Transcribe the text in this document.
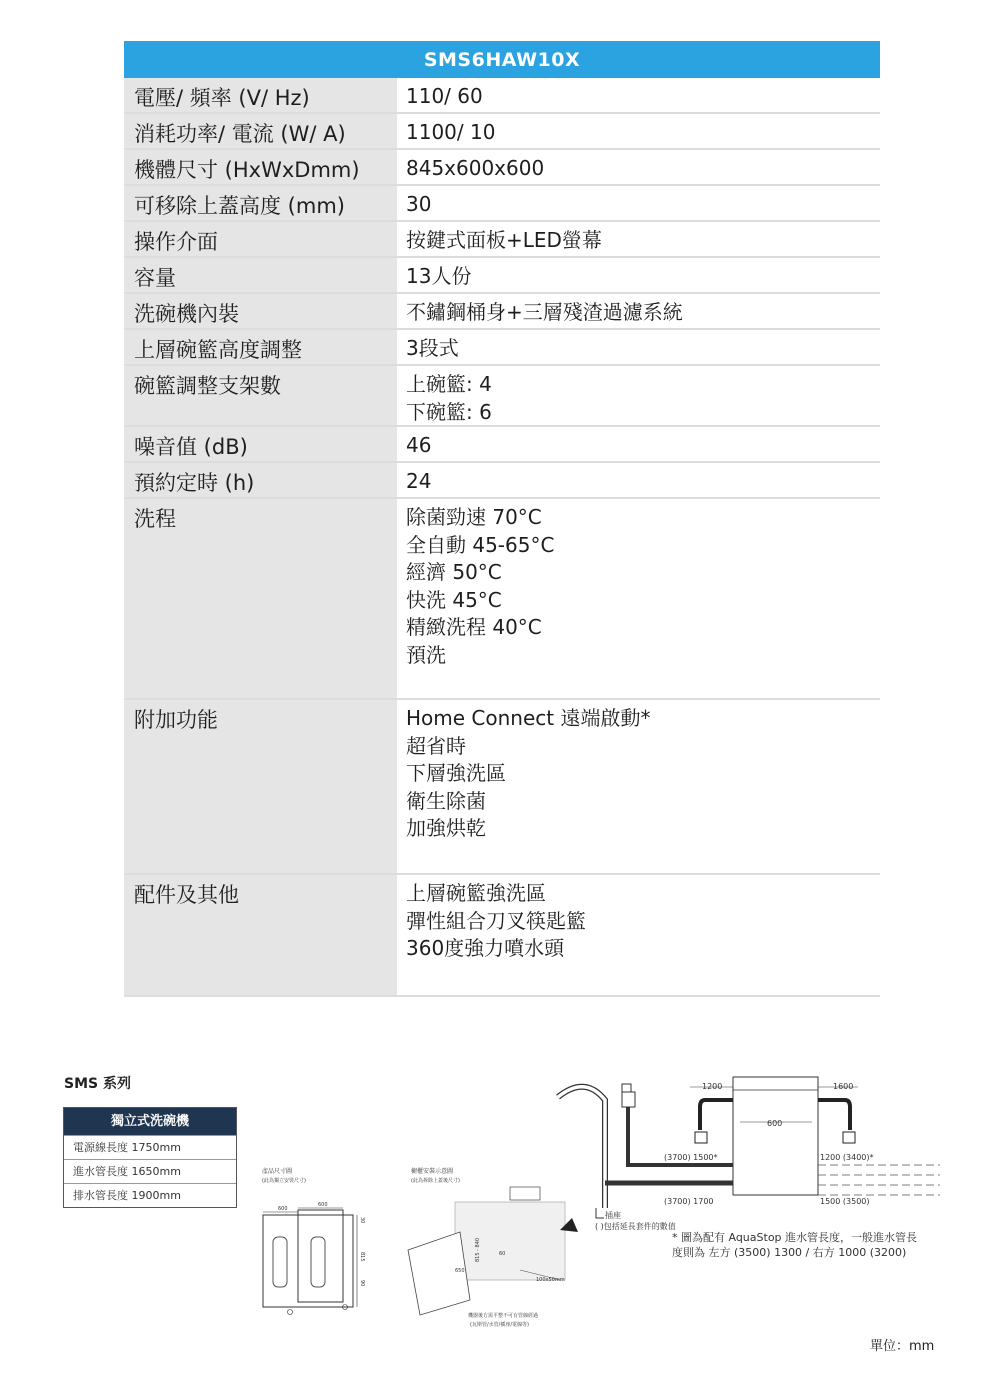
SMS6HAW10X
電壓/ 頻率 (V/ Hz)	110/ 60
消耗功率/ 電流 (W/ A)	1100/ 10
機體尺寸 (HxWxDmm)	845x600x600
可移除上蓋高度 (mm)	30
操作介面	按鍵式面板+LED螢幕
容量	13人份
洗碗機內裝	不鏽鋼桶身+三層殘渣過濾系統
上層碗籃高度調整	3段式
碗籃調整支架數	上碗籃: 4
下碗籃: 6
噪音值 (dB)	46
預約定時 (h)	24
洗程	除菌勁速 70°C
全自動 45-65°C
經濟 50°C
快洗 45°C
精緻洗程 40°C
預洗
附加功能	Home Connect 遠端啟動*
超省時
下層強洗區
衛生除菌
加強烘乾
配件及其他	上層碗籃強洗區
彈性組合刀叉筷匙籃
360度強力噴水頭
SMS 系列
獨立式洗碗機
電源線長度 1750mm
進水管長度 1650mm
排水管長度 1900mm
產品尺寸圖
(此為獨立安裝尺寸)
600
600
30
815
90
櫥櫃安裝示意圖
(此為拆除上蓋後尺寸)
815 - 840
100x50mm
650
60
機器後方需平整不可有管線經過
(瓦斯管/水管/插座/電線等)
1200	1600
600
(3700) 1500*	1200 (3400)*
(3700) 1700	1500 (3500)
插座
( )包括延長套件的數值
* 圖為配有 AquaStop 進水管長度，一般進水管長
度則為 左方 (3500) 1300 / 右方 1000 (3200)
單位：mm
